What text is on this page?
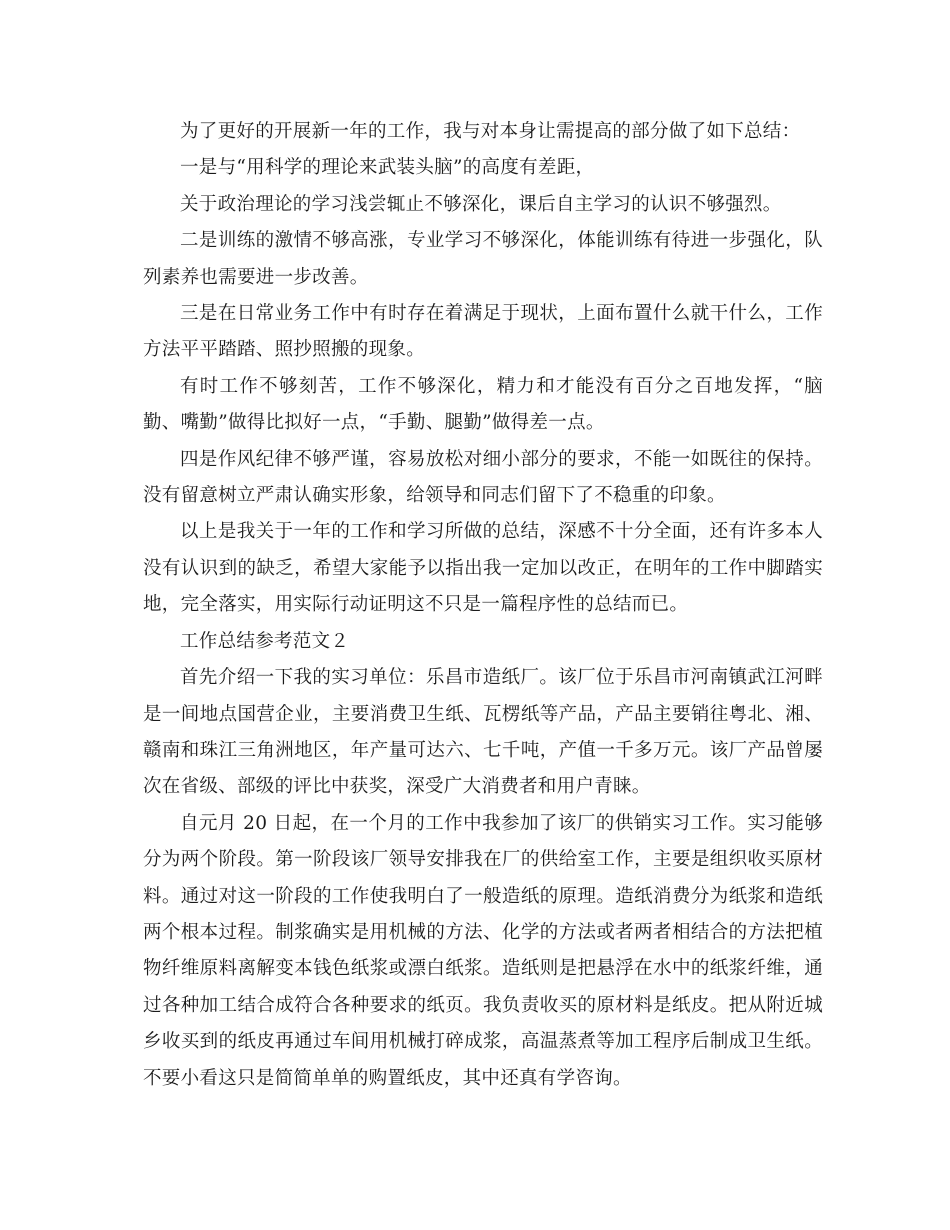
为了更好的开展新一年的工作，我与对本身让需提高的部分做了如下总结：

一是与“用科学的理论来武装头脑”的高度有差距，

关于政治理论的学习浅尝辄止不够深化，课后自主学习的认识不够强烈。

二是训练的激情不够高涨，专业学习不够深化，体能训练有待进一步强化，队列素养也需要进一步改善。

三是在日常业务工作中有时存在着满足于现状，上面布置什么就干什么，工作方法平平踏踏、照抄照搬的现象。

有时工作不够刻苦，工作不够深化，精力和才能没有百分之百地发挥，“脑勤、嘴勤”做得比拟好一点，“手勤、腿勤”做得差一点。

四是作风纪律不够严谨，容易放松对细小部分的要求，不能一如既往的保持。没有留意树立严肃认确实形象，给领导和同志们留下了不稳重的印象。

以上是我关于一年的工作和学习所做的总结，深感不十分全面，还有许多本人没有认识到的缺乏，希望大家能予以指出我一定加以改正，在明年的工作中脚踏实地，完全落实，用实际行动证明这不只是一篇程序性的总结而已。

工作总结参考范文２

首先介绍一下我的实习单位：乐昌市造纸厂。该厂位于乐昌市河南镇武江河畔是一间地点国营企业，主要消费卫生纸、瓦楞纸等产品，产品主要销往粤北、湘、赣南和珠江三角洲地区，年产量可达六、七千吨，产值一千多万元。该厂产品曾屡次在省级、部级的评比中获奖，深受广大消费者和用户青睐。

自元月 20 日起，在一个月的工作中我参加了该厂的供销实习工作。实习能够分为两个阶段。第一阶段该厂领导安排我在厂的供给室工作，主要是组织收买原材料。通过对这一阶段的工作使我明白了一般造纸的原理。造纸消费分为纸浆和造纸两个根本过程。制浆确实是用机械的方法、化学的方法或者两者相结合的方法把植物纤维原料离解变本钱色纸浆或漂白纸浆。造纸则是把悬浮在水中的纸浆纤维，通过各种加工结合成符合各种要求的纸页。我负责收买的原材料是纸皮。把从附近城乡收买到的纸皮再通过车间用机械打碎成浆，高温蒸煮等加工程序后制成卫生纸。不要小看这只是简简单单的购置纸皮，其中还真有学咨询。
